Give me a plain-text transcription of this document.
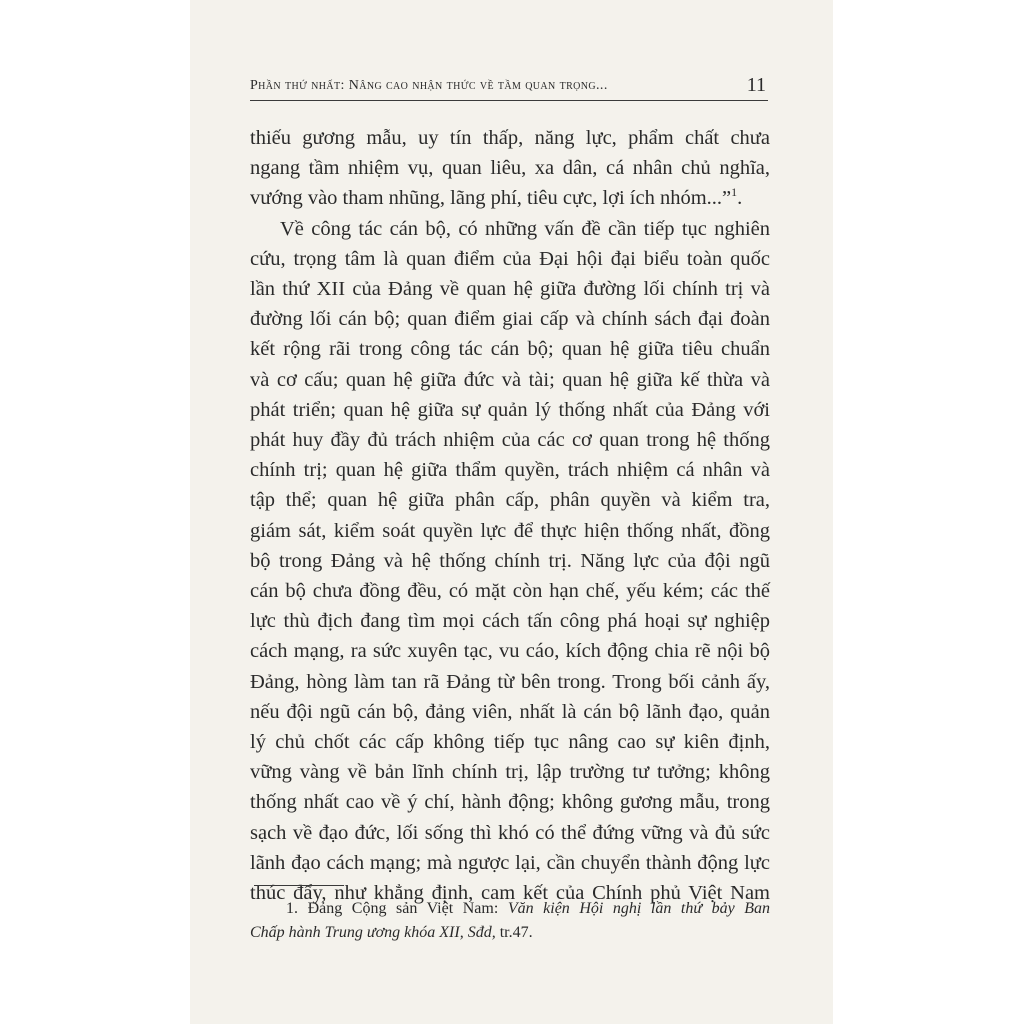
Phần thứ nhất: Nâng cao nhận thức về tầm quan trọng...	11
thiếu gương mẫu, uy tín thấp, năng lực, phẩm chất chưa
ngang tầm nhiệm vụ, quan liêu, xa dân, cá nhân chủ nghĩa,
vướng vào tham nhũng, lãng phí, tiêu cực, lợi ích nhóm...”$^1$.
Về công tác cán bộ, có những vấn đề cần tiếp tục nghiên
cứu, trọng tâm là quan điểm của Đại hội đại biểu toàn quốc
lần thứ XII của Đảng về quan hệ giữa đường lối chính trị và
đường lối cán bộ; quan điểm giai cấp và chính sách đại đoàn
kết rộng rãi trong công tác cán bộ; quan hệ giữa tiêu chuẩn
và cơ cấu; quan hệ giữa đức và tài; quan hệ giữa kế thừa và
phát triển; quan hệ giữa sự quản lý thống nhất của Đảng với
phát huy đầy đủ trách nhiệm của các cơ quan trong hệ thống
chính trị; quan hệ giữa thẩm quyền, trách nhiệm cá nhân và
tập thể; quan hệ giữa phân cấp, phân quyền và kiểm tra,
giám sát, kiểm soát quyền lực để thực hiện thống nhất, đồng
bộ trong Đảng và hệ thống chính trị. Năng lực của đội ngũ
cán bộ chưa đồng đều, có mặt còn hạn chế, yếu kém; các thế
lực thù địch đang tìm mọi cách tấn công phá hoại sự nghiệp
cách mạng, ra sức xuyên tạc, vu cáo, kích động chia rẽ nội bộ
Đảng, hòng làm tan rã Đảng từ bên trong. Trong bối cảnh ấy,
nếu đội ngũ cán bộ, đảng viên, nhất là cán bộ lãnh đạo, quản
lý chủ chốt các cấp không tiếp tục nâng cao sự kiên định,
vững vàng về bản lĩnh chính trị, lập trường tư tưởng; không
thống nhất cao về ý chí, hành động; không gương mẫu, trong
sạch về đạo đức, lối sống thì khó có thể đứng vững và đủ sức
lãnh đạo cách mạng; mà ngược lại, cần chuyển thành động lực
thúc đẩy, như khẳng định, cam kết của Chính phủ Việt Nam
1. Đảng Cộng sản Việt Nam: Văn kiện Hội nghị lần thứ bảy Ban
Chấp hành Trung ương khóa XII, Sđd, tr.47.
